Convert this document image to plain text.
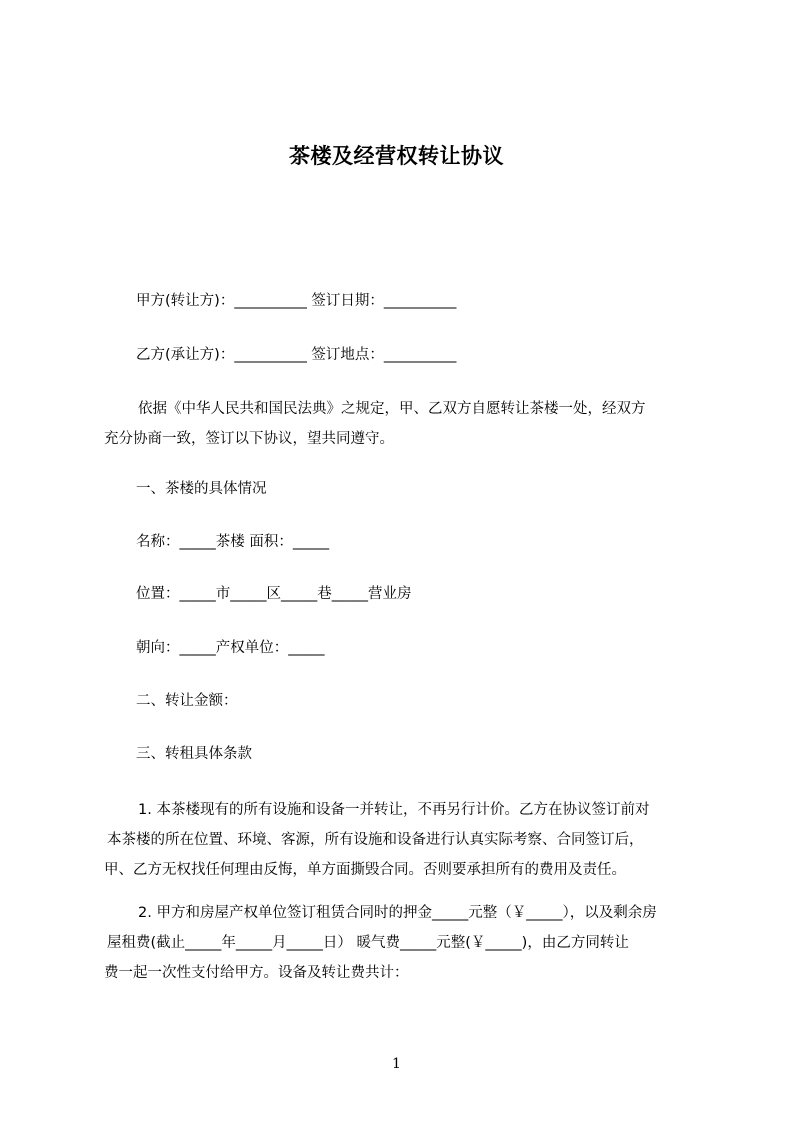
茶楼及经营权转让协议
甲方(转让方)：__________ 签订日期：__________
乙方(承让方)：__________ 签订地点：__________
依据《中华人民共和国民法典》之规定，甲、乙双方自愿转让茶楼一处，经双方
充分协商一致，签订以下协议，望共同遵守。
一、茶楼的具体情况
名称：_____茶楼 面积：_____
位置：_____市_____区_____巷_____营业房
朝向：_____产权单位：_____
二、转让金额：
三、转租具体条款
1. 本茶楼现有的所有设施和设备一并转让，不再另行计价。乙方在协议签订前对
本茶楼的所在位置、环境、客源，所有设施和设备进行认真实际考察、合同签订后，
甲、乙方无权找任何理由反悔，单方面撕毁合同。否则要承担所有的费用及责任。
2. 甲方和房屋产权单位签订租赁合同时的押金_____元整（￥_____），以及剩余房
屋租费(截止_____年_____月_____日） 暖气费_____元整(￥_____)，由乙方同转让
费一起一次性支付给甲方。设备及转让费共计：
1
